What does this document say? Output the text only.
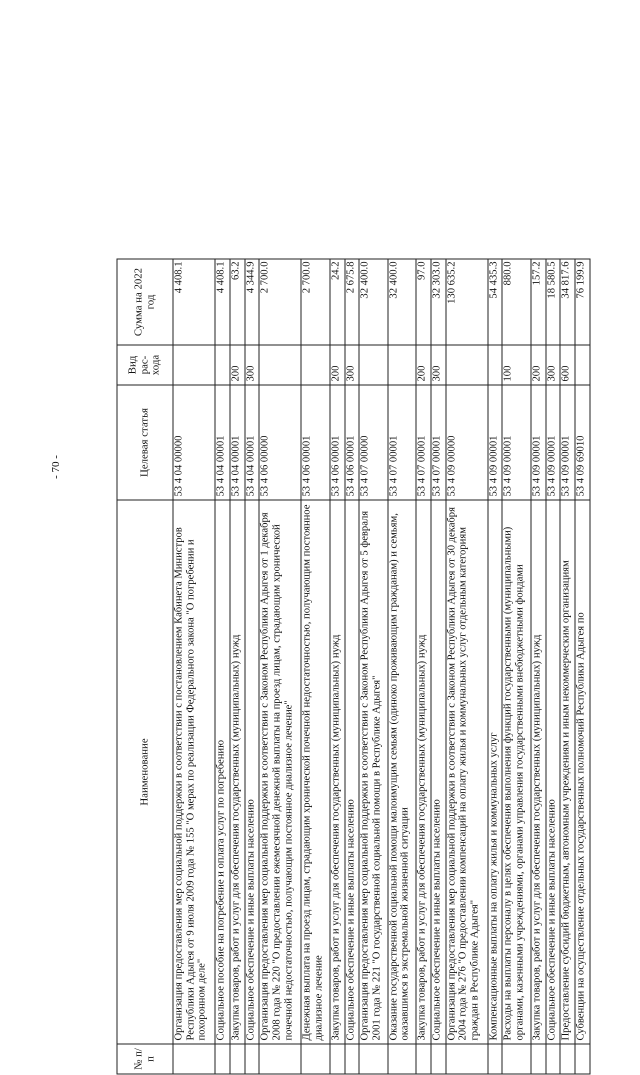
- 70 -
№ п/п	Наименование	Целевая статья	Вид рас-хода	Сумма на 2022 год
	Организация предоставления мер социальной поддержки в соответствии с постановлением Кабинета Министров Республики Адыгея от 9 июля 2009 года № 155 "О мерах по реализации Федерального закона "О погребении и похоронном деле"	53 4 04 00000		4 408.1
	Социальное пособие на погребение и оплата услуг по погребению	53 4 04 00001		4 408.1
	Закупка товаров, работ и услуг для обеспечения государственных (муниципальных) нужд	53 4 04 00001	200	63.2
	Социальное обеспечение и иные выплаты населению	53 4 04 00001	300	4 344.9
	Организация предоставления мер социальной поддержки в соответствии с Законом Республики Адыгея от 1 декабря 2008 года № 220 "О предоставлении ежемесячной денежной выплаты на проезд лицам, страдающим хронической почечной недостаточностью, получающим постоянное диализное лечение"	53 4 06 00000		2 700.0
	Денежная выплата на проезд лицам, страдающим хронической почечной недостаточностью, получающим постоянное диализное лечение	53 4 06 00001		2 700.0
	Закупка товаров, работ и услуг для обеспечения государственных (муниципальных) нужд	53 4 06 00001	200	24.2
	Социальное обеспечение и иные выплаты населению	53 4 06 00001	300	2 675.8
	Организация предоставления мер социальной поддержки в соответствии с Законом Республики Адыгея от 5 февраля 2001 года № 221 "О государственной социальной помощи в Республике Адыгея"	53 4 07 00000		32 400.0
	Оказание государственной социальной помощи малоимущим семьям (одиноко проживающим гражданам) и семьям, оказавшимся в экстремальной жизненной ситуации	53 4 07 00001		32 400.0
	Закупка товаров, работ и услуг для обеспечения государственных (муниципальных) нужд	53 4 07 00001	200	97.0
	Социальное обеспечение и иные выплаты населению	53 4 07 00001	300	32 303.0
	Организация предоставления мер социальной поддержки в соответствии с Законом Республики Адыгея от 30 декабря 2004 года № 276 "О предоставлении компенсаций на оплату жилья и коммунальных услуг отдельным категориям граждан в Республике Адыгея"	53 4 09 00000		130 635.2
	Компенсационные выплаты на оплату жилья и коммунальных услуг	53 4 09 00001		54 435.3
	Расходы на выплаты персоналу в целях обеспечения выполнения функций государственными (муниципальными) органами, казенными учреждениями, органами управления государственными внебюджетными фондами	53 4 09 00001	100	880.0
	Закупка товаров, работ и услуг для обеспечения государственных (муниципальных) нужд	53 4 09 00001	200	157.2
	Социальное обеспечение и иные выплаты населению	53 4 09 00001	300	18 580.5
	Предоставление субсидий бюджетным, автономным учреждениям и иным некоммерческим организациям	53 4 09 00001	600	34 817.6
	Субвенции на осуществление отдельных государственных полномочий Республики Адыгея по	53 4 09 69010		76 199.9
